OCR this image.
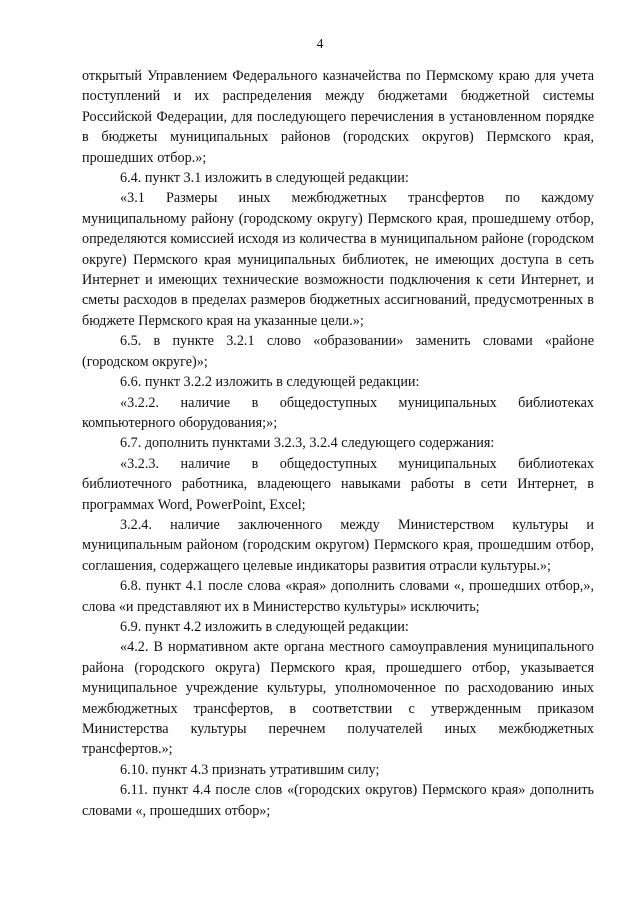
4

открытый Управлением Федерального казначейства по Пермскому краю для учета поступлений и их распределения между бюджетами бюджетной системы Российской Федерации, для последующего перечисления в установленном порядке в бюджеты муниципальных районов (городских округов) Пермского края, прошедших отбор.»;

6.4. пункт 3.1 изложить в следующей редакции:

«3.1 Размеры иных межбюджетных трансфертов по каждому муниципальному району (городскому округу) Пермского края, прошедшему отбор, определяются комиссией исходя из количества в муниципальном районе (городском округе) Пермского края муниципальных библиотек, не имеющих доступа в сеть Интернет и имеющих технические возможности подключения к сети Интернет, и сметы расходов в пределах размеров бюджетных ассигнований, предусмотренных в бюджете Пермского края на указанные цели.»;

6.5. в пункте 3.2.1 слово «образовании» заменить словами «районе (городском округе)»;

6.6. пункт 3.2.2 изложить в следующей редакции:

«3.2.2. наличие в общедоступных муниципальных библиотеках компьютерного оборудования;»;

6.7. дополнить пунктами 3.2.3, 3.2.4 следующего содержания:

«3.2.3. наличие в общедоступных муниципальных библиотеках библиотечного работника, владеющего навыками работы в сети Интернет, в программах Word, PowerPoint, Excel;

3.2.4. наличие заключенного между Министерством культуры и муниципальным районом (городским округом) Пермского края, прошедшим отбор, соглашения, содержащего целевые индикаторы развития отрасли культуры.»;

6.8. пункт 4.1 после слова «края» дополнить словами «, прошедших отбор,», слова «и представляют их в Министерство культуры» исключить;

6.9. пункт 4.2 изложить в следующей редакции:

«4.2. В нормативном акте органа местного самоуправления муниципального района (городского округа) Пермского края, прошедшего отбор, указывается муниципальное учреждение культуры, уполномоченное по расходованию иных межбюджетных трансфертов, в соответствии с утвержденным приказом Министерства культуры перечнем получателей иных межбюджетных трансфертов.»;

6.10. пункт 4.3 признать утратившим силу;

6.11. пункт 4.4 после слов «(городских округов) Пермского края» дополнить словами «, прошедших отбор»;
